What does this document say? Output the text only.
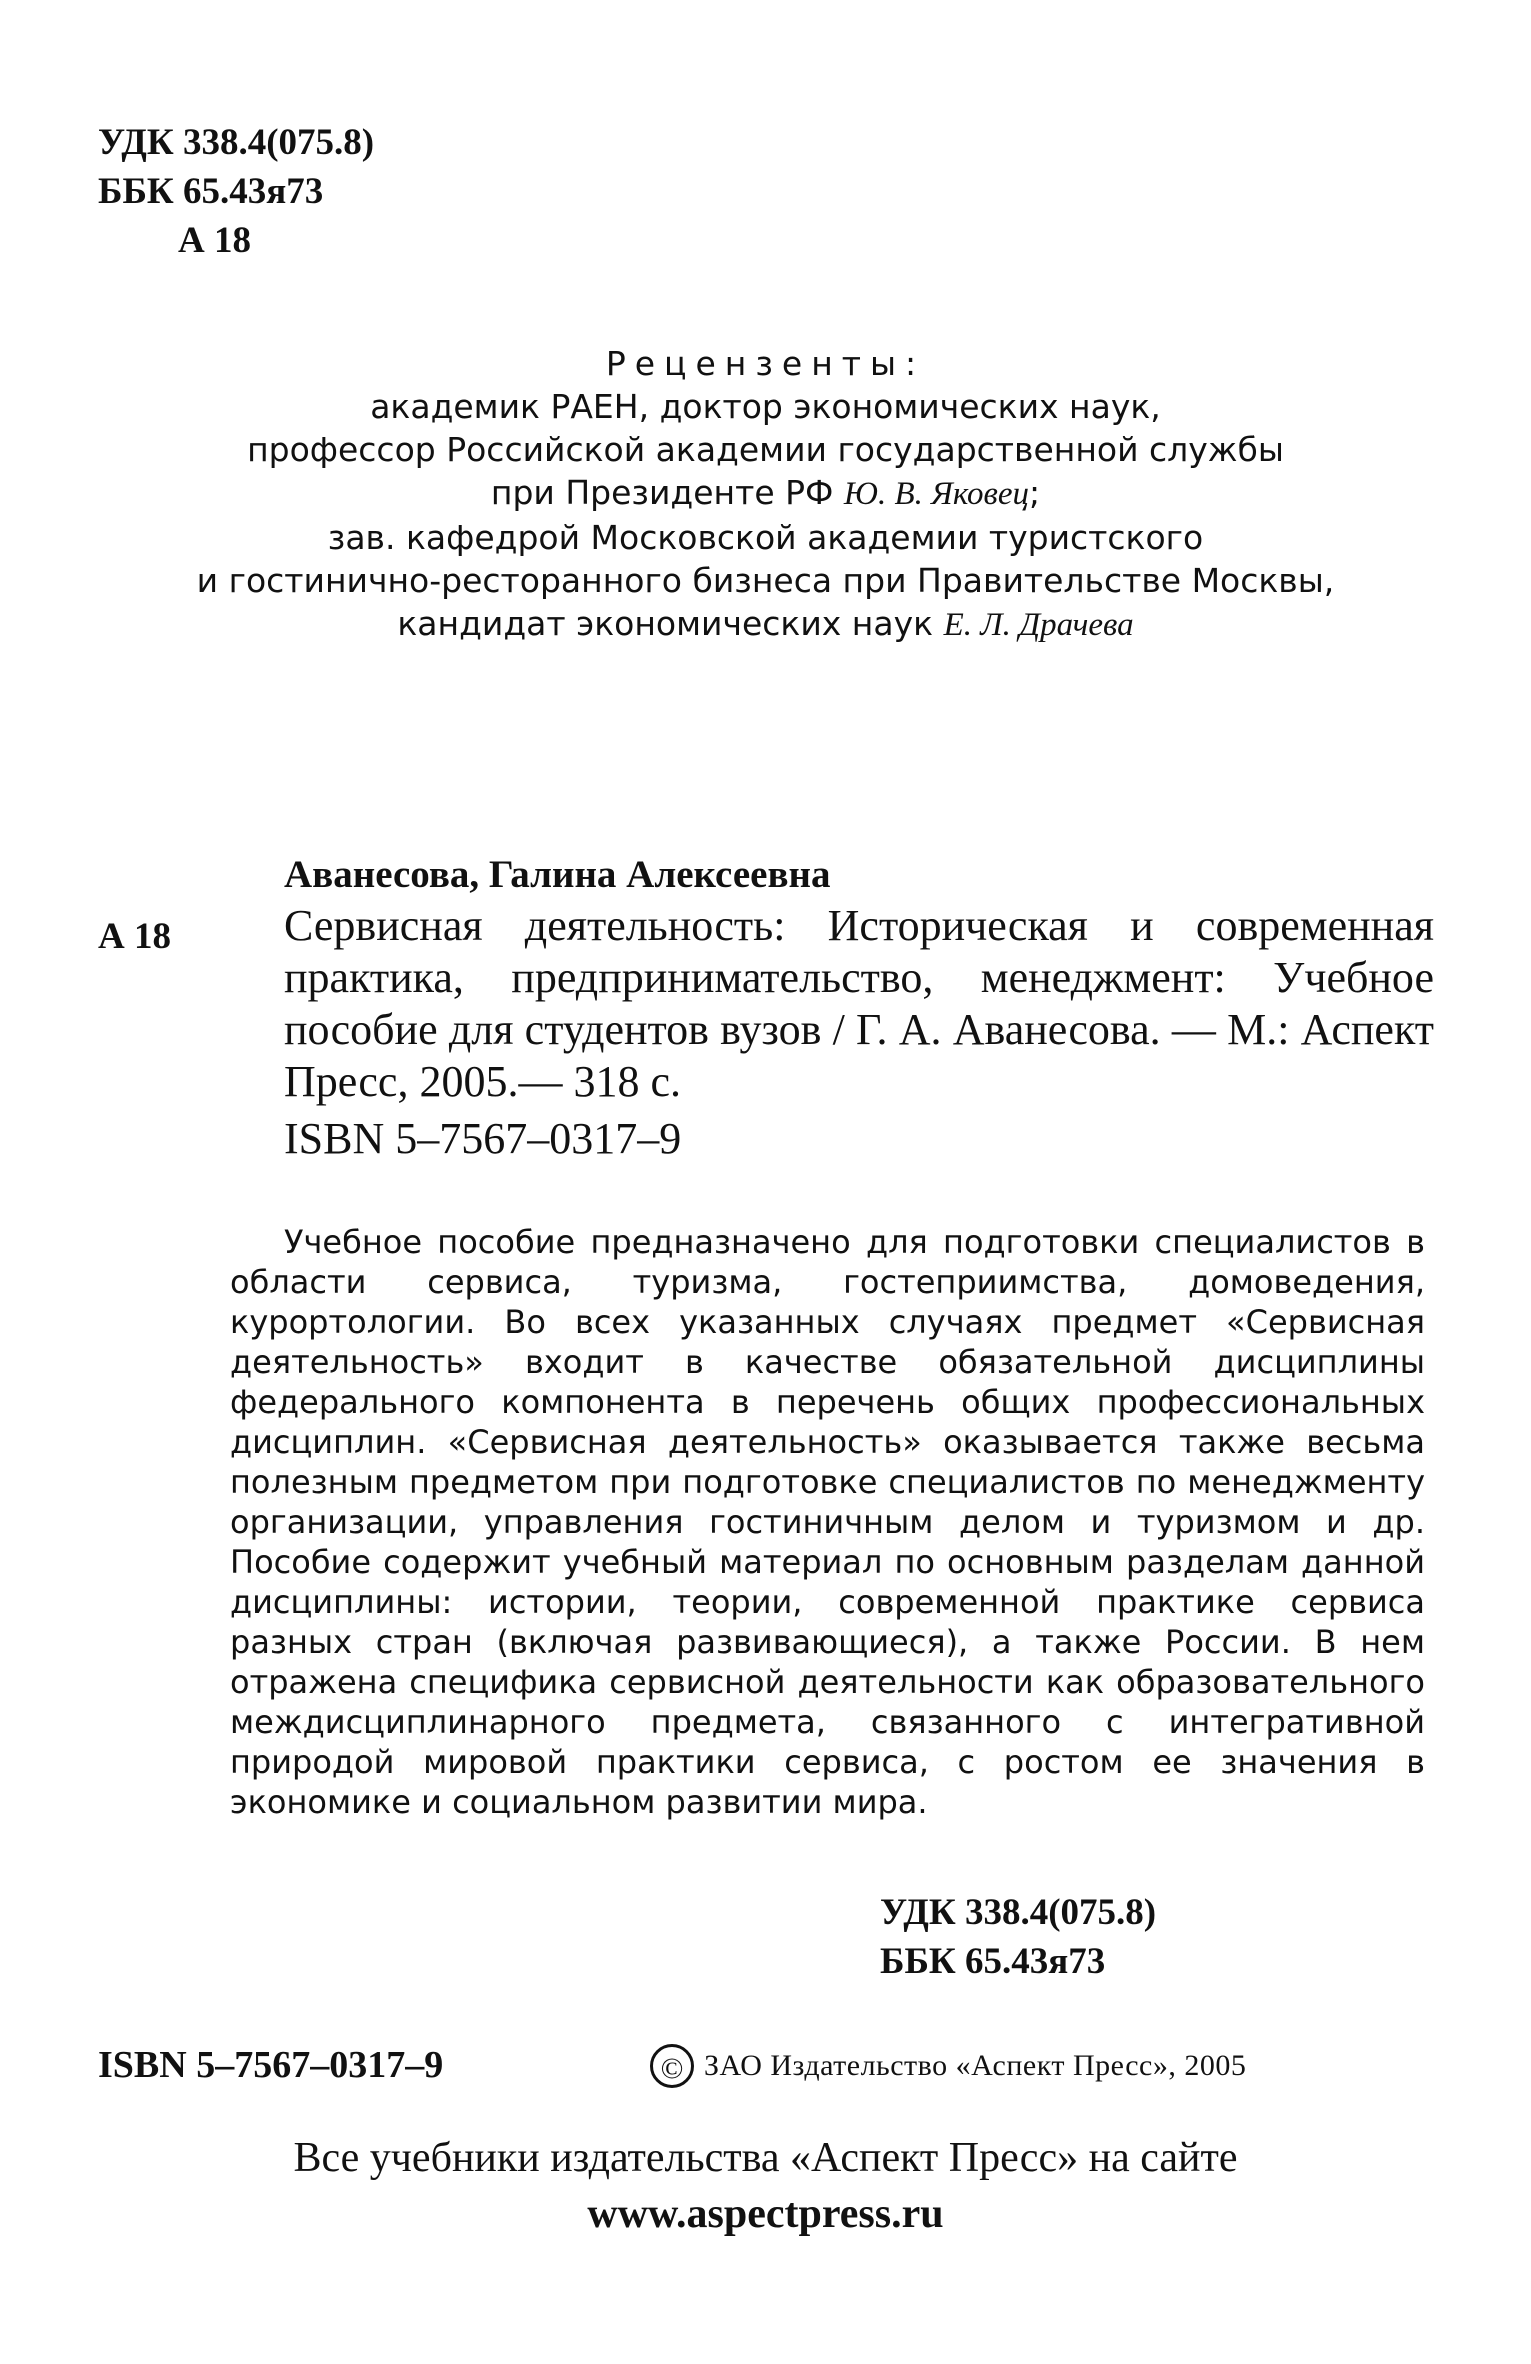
УДК 338.4(075.8)
ББК 65.43я73
А 18
Рецензенты:
академик РАЕН, доктор экономических наук,
профессор Российской академии государственной службы
при Президенте РФ Ю. В. Яковец;
зав. кафедрой Московской академии туристского
и гостинично-ресторанного бизнеса при Правительстве Москвы,
кандидат экономических наук Е. Л. Драчева
Аванесова, Галина Алексеевна
А 18	Сервисная деятельность: Историческая и современная практика, предпринимательство, менеджмент: Учебное пособие для студентов вузов / Г. А. Аванесова. — М.: Аспект Пресс, 2005.— 318 с.
ISBN 5–7567–0317–9
Учебное пособие предназначено для подготовки специалистов в области сервиса, туризма, гостеприимства, домоведения, курортологии. Во всех указанных случаях предмет «Сервисная деятельность» входит в качестве обязательной дисциплины федерального компонента в перечень общих профессиональных дисциплин. «Сервисная деятельность» оказывается также весьма полезным предметом при подготовке специалистов по менеджменту организации, управления гостиничным делом и туризмом и др. Пособие содержит учебный материал по основным разделам данной дисциплины: истории, теории, современной практике сервиса разных стран (включая развивающиеся), а также России. В нем отражена специфика сервисной деятельности как образовательного междисциплинарного предмета, связанного с интегративной природой мировой практики сервиса, с ростом ее значения в экономике и социальном развитии мира.
УДК 338.4(075.8)
ББК 65.43я73
ISBN 5–7567–0317–9	© ЗАО Издательство «Аспект Пресс», 2005
Все учебники издательства «Аспект Пресс» на сайте
www.aspectpress.ru
